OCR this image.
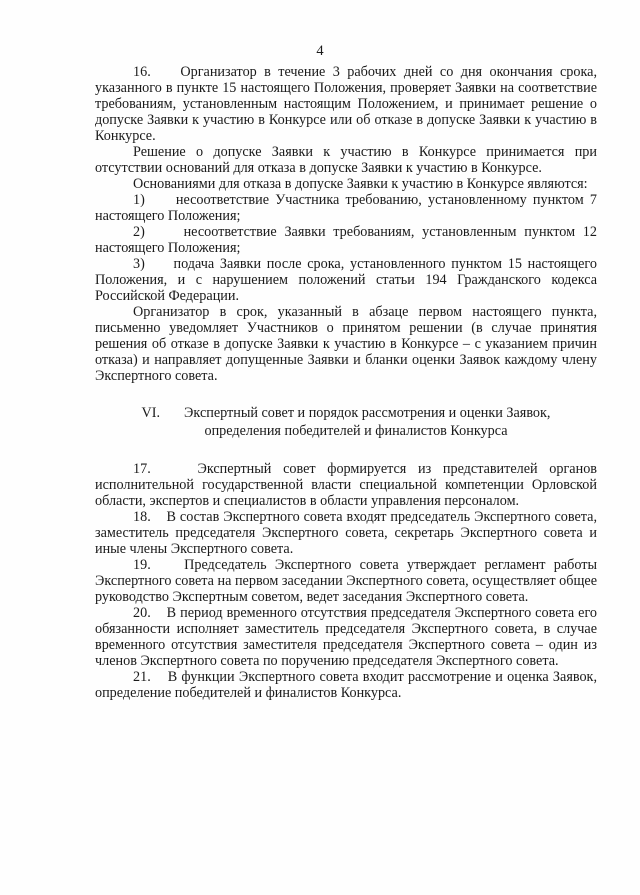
4

16.    Организатор в течение 3 рабочих дней со дня окончания срока, указанного в пункте 15 настоящего Положения, проверяет Заявки на соответствие требованиям, установленным настоящим Положением, и принимает решение о допуске Заявки к участию в Конкурсе или об отказе в допуске Заявки к участию в Конкурсе.

Решение о допуске Заявки к участию в Конкурсе принимается при отсутствии оснований для отказа в допуске Заявки к участию в Конкурсе.

Основаниями для отказа в допуске Заявки к участию в Конкурсе являются:

1)     несоответствие Участника требованию, установленному пунктом 7 настоящего Положения;

2)     несоответствие Заявки требованиям, установленным пунктом 12 настоящего Положения;

3)     подача Заявки после срока, установленного пунктом 15 настоящего Положения, и с нарушением положений статьи 194 Гражданского кодекса Российской Федерации.

Организатор в срок, указанный в абзаце первом настоящего пункта, письменно уведомляет Участников о принятом решении (в случае принятия решения об отказе в допуске Заявки к участию в Конкурсе – с указанием причин отказа) и направляет допущенные Заявки и бланки оценки Заявок каждому члену Экспертного совета.

VI. Экспертный совет и порядок рассмотрения и оценки Заявок,
определения победителей и финалистов Конкурса

17.    Экспертный совет формируется из представителей органов исполнительной государственной власти специальной компетенции Орловской области, экспертов и специалистов в области управления персоналом.

18.    В состав Экспертного совета входят председатель Экспертного совета, заместитель председателя Экспертного совета, секретарь Экспертного совета и иные члены Экспертного совета.

19.    Председатель Экспертного совета утверждает регламент работы Экспертного совета на первом заседании Экспертного совета, осуществляет общее руководство Экспертным советом, ведет заседания Экспертного совета.

20.    В период временного отсутствия председателя Экспертного совета его обязанности исполняет заместитель председателя Экспертного совета, в случае временного отсутствия заместителя председателя Экспертного совета – один из членов Экспертного совета по поручению председателя Экспертного совета.

21.    В функции Экспертного совета входит рассмотрение и оценка Заявок, определение победителей и финалистов Конкурса.
